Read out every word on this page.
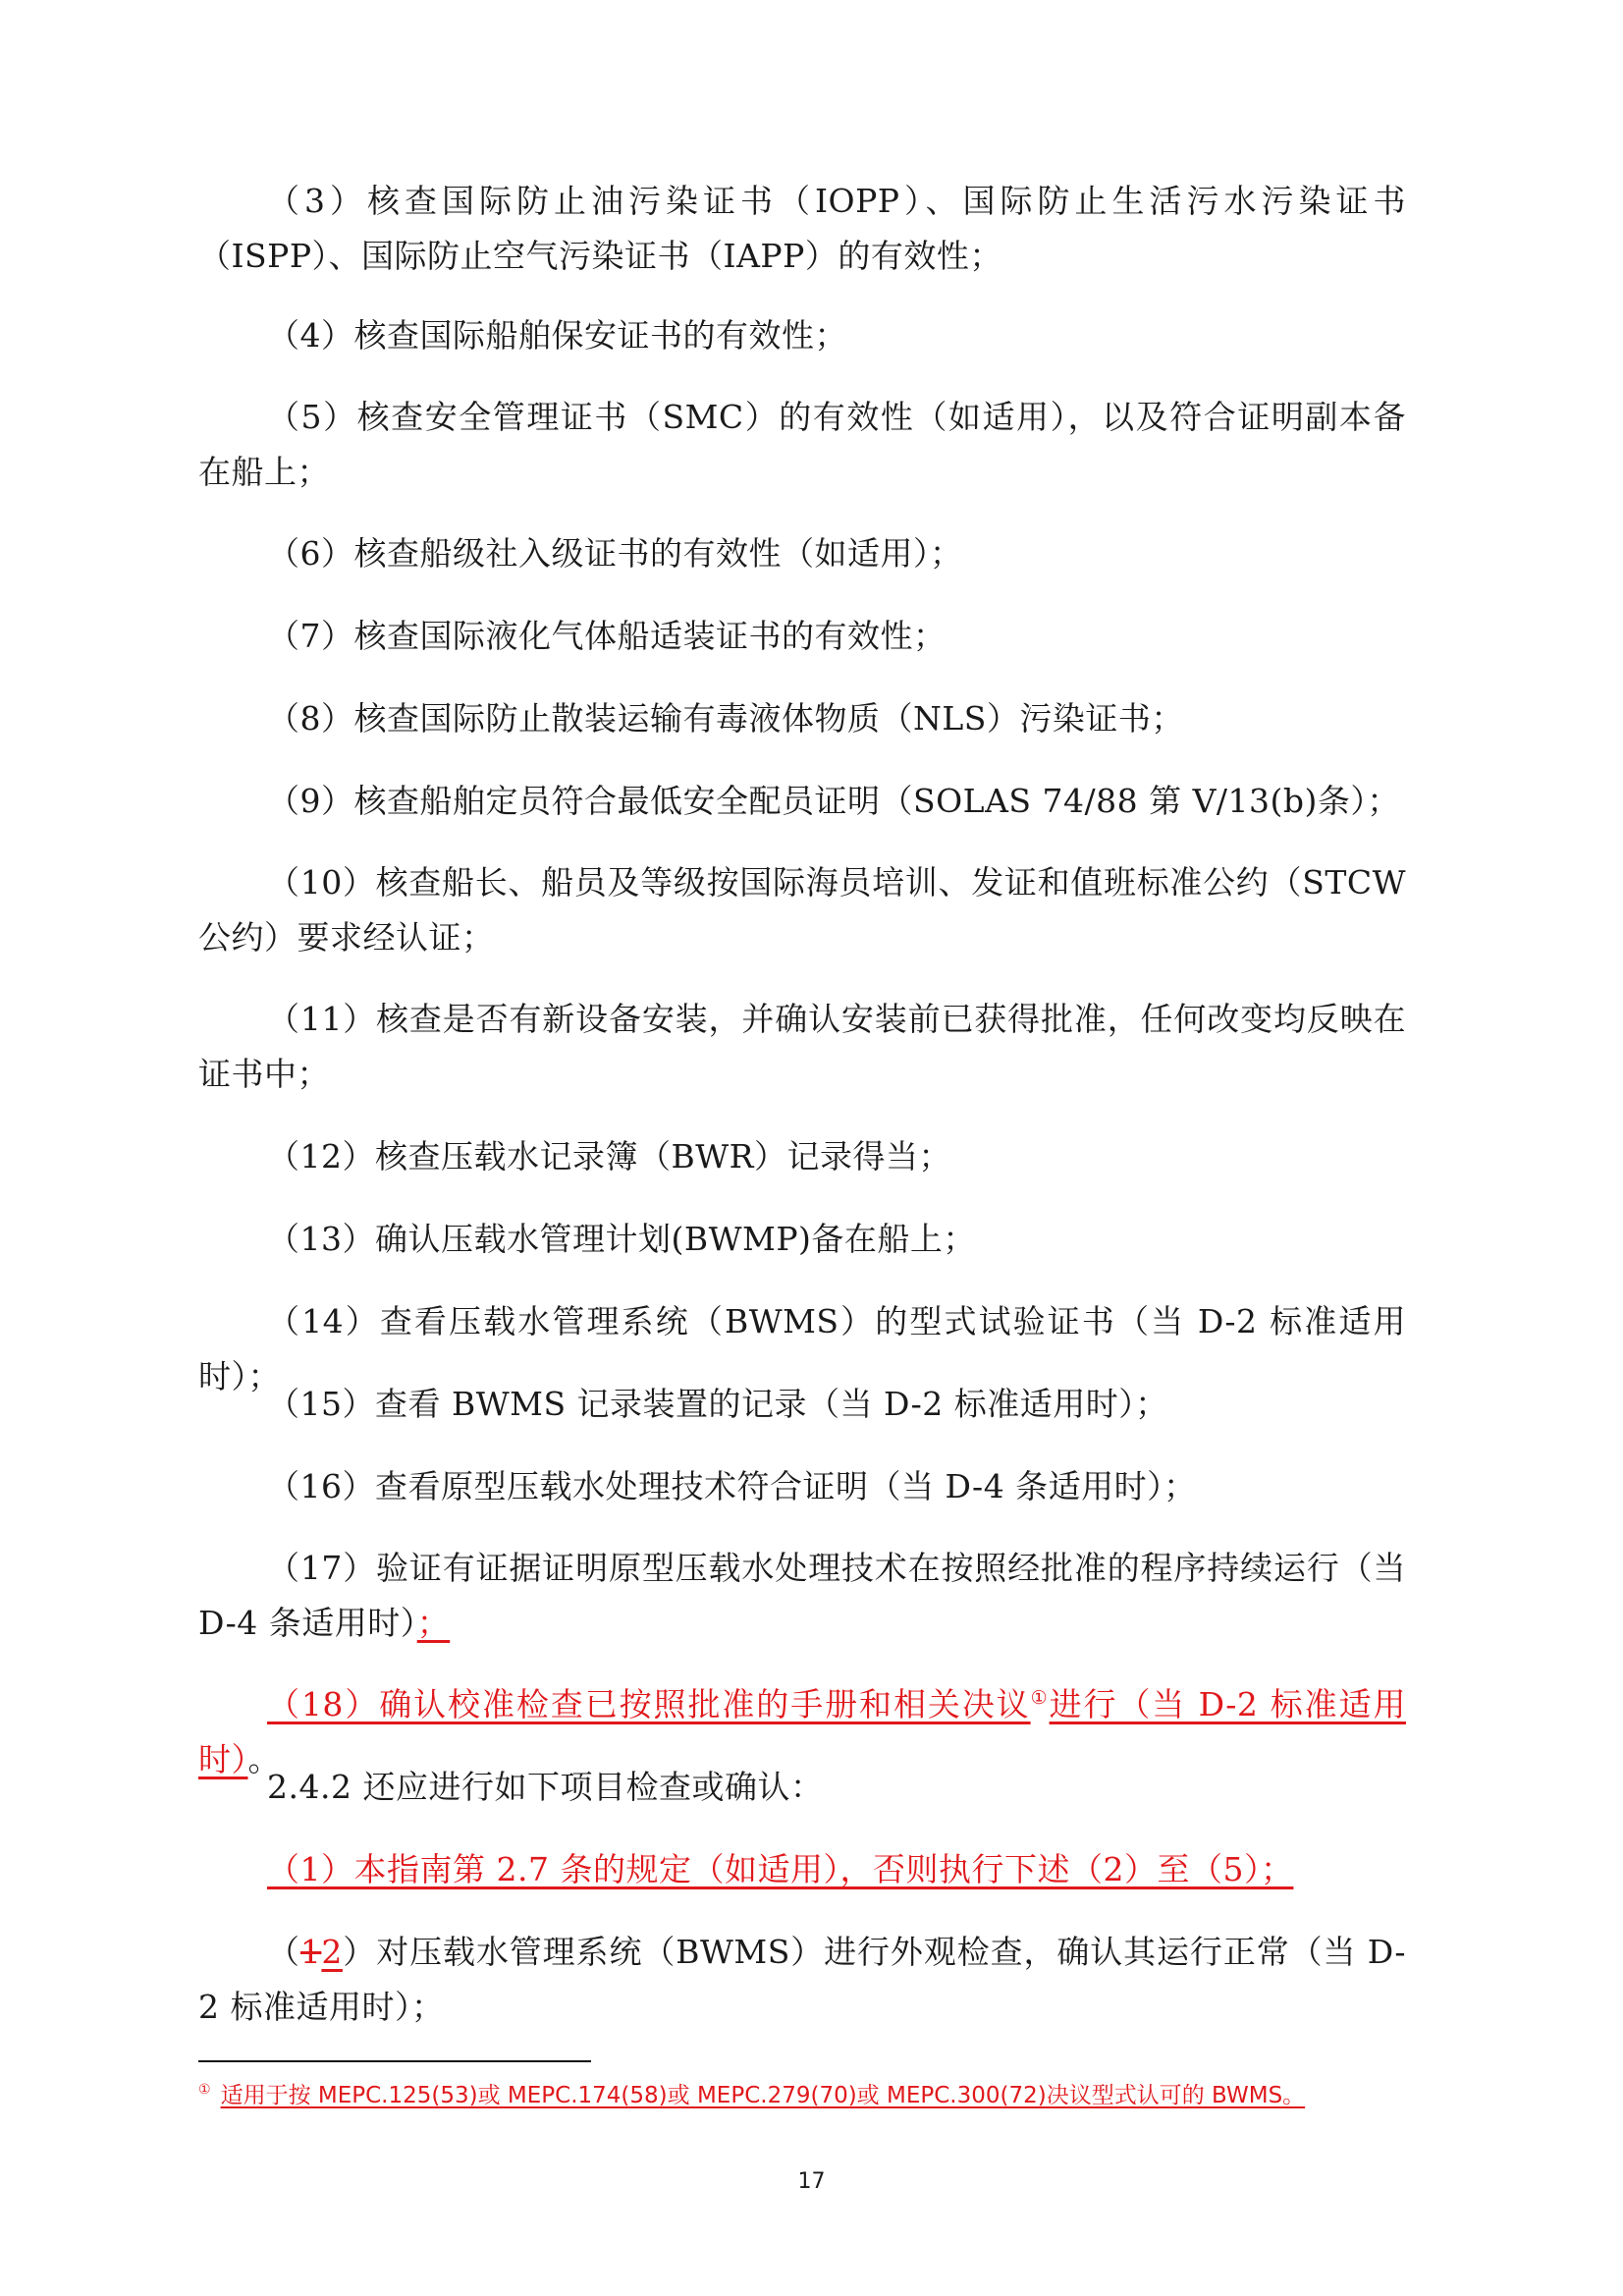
（3）核查国际防止油污染证书（IOPP）、国际防止生活污水污染证书（ISPP）、国际防止空气污染证书（IAPP）的有效性；
（4）核查国际船舶保安证书的有效性；
（5）核查安全管理证书（SMC）的有效性（如适用），以及符合证明副本备在船上；
（6）核查船级社入级证书的有效性（如适用）；
（7）核查国际液化气体船适装证书的有效性；
（8）核查国际防止散装运输有毒液体物质（NLS）污染证书；
（9）核查船舶定员符合最低安全配员证明（SOLAS 74/88 第 V/13(b)条）；
（10）核查船长、船员及等级按国际海员培训、发证和值班标准公约（STCW 公约）要求经认证；
（11）核查是否有新设备安装，并确认安装前已获得批准，任何改变均反映在证书中；
（12）核查压载水记录簿（BWR）记录得当；
（13）确认压载水管理计划(BWMP)备在船上；
（14）查看压载水管理系统（BWMS）的型式试验证书（当 D-2 标准适用时）；
（15）查看 BWMS 记录装置的记录（当 D-2 标准适用时）；
（16）查看原型压载水处理技术符合证明（当 D-4 条适用时）；
（17）验证有证据证明原型压载水处理技术在按照经批准的程序持续运行（当 D-4 条适用时）；
（18）确认校准检查已按照批准的手册和相关决议①进行（当 D-2 标准适用时）。
2.4.2 还应进行如下项目检查或确认：
（1）本指南第 2.7 条的规定（如适用），否则执行下述（2）至（5）；
（12）对压载水管理系统（BWMS）进行外观检查，确认其运行正常（当 D-2 标准适用时）；
① 适用于按 MEPC.125(53)或 MEPC.174(58)或 MEPC.279(70)或 MEPC.300(72)决议型式认可的 BWMS。
17
